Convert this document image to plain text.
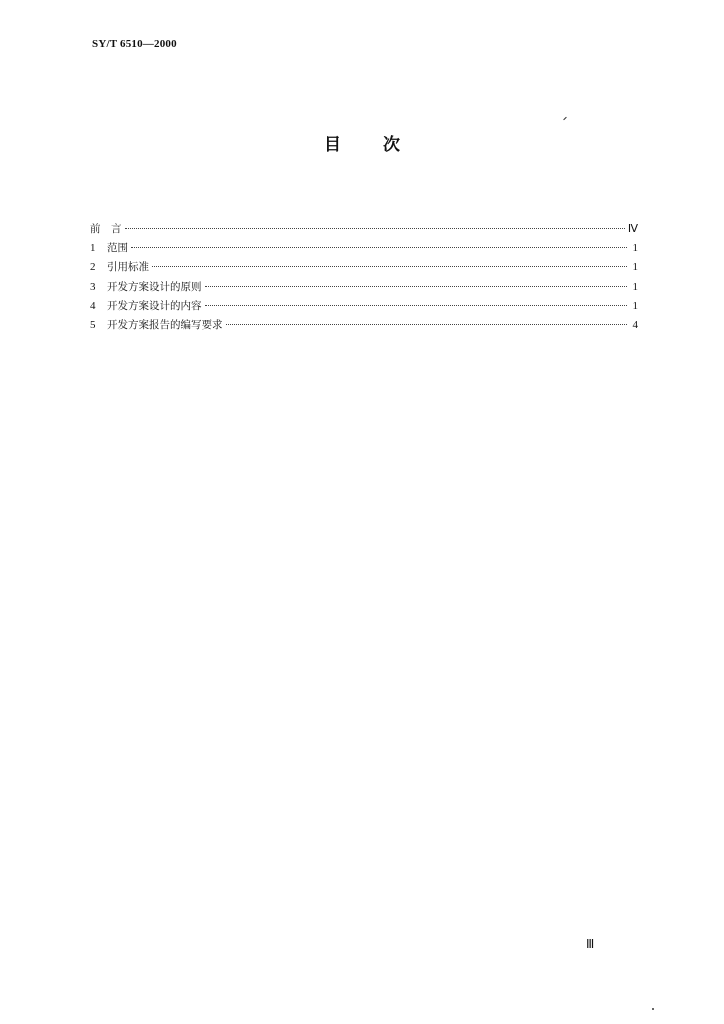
SY/T 6510—2000
目 次
前　言	Ⅳ
1	范围	1
2	引用标准	1
3	开发方案设计的原则	1
4	开发方案设计的内容	1
5	开发方案报告的编写要求	4
Ⅲ
